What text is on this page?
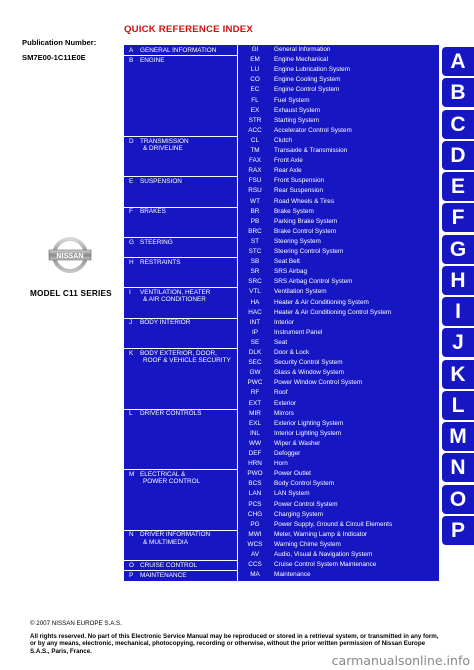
Publication Number:
SM7E00-1C11E0E
NISSAN
MODEL C11 SERIES
QUICK REFERENCE INDEX
GI	General Information
EM	Engine Mechanical
LU	Engine Lubrication System
CO	Engine Cooling System
EC	Engine Control System
FL	Fuel System
EX	Exhaust System
STR	Starting System
ACC	Accelerator Control System
CL	Clutch
TM	Transaxle & Transmission
FAX	Front Axle
RAX	Rear Axle
FSU	Front Suspension
RSU	Rear Suspension
WT	Road Wheels & Tires
BR	Brake System
PB	Parking Brake System
BRC	Brake Control System
ST	Steering System
STC	Steering Control System
SB	Seat Belt
SR	SRS Airbag
SRC	SRS Airbag Control System
VTL	Ventilation System
HA	Heater & Air Conditioning System
HAC	Heater & Air Conditioning Control System
INT	Interior
IP	Instrument Panel
SE	Seat
DLK	Door & Lock
SEC	Security Control System
GW	Glass & Window System
PWC	Power Window Control System
RF	Roof
EXT	Exterior
MIR	Mirrors
EXL	Exterior Lighting System
INL	Interior Lighting System
WW	Wiper & Washer
DEF	Defogger
HRN	Horn
PWO	Power Outlet
BCS	Body Control System
LAN	LAN System
PCS	Power Control System
CHG	Charging System
PG	Power Supply, Ground & Circuit Elements
MWI	Meter, Warning Lamp & Indicator
WCS	Warning Chime System
AV	Audio, Visual & Navigation System
CCS	Cruise Control System Maintenance
MA	Maintenance
A GENERAL INFORMATION
B ENGINE
D TRANSMISSION
& DRIVELINE
E SUSPENSION
F BRAKES
G STEERING
H RESTRAINTS
I VENTILATION, HEATER
& AIR CONDITIONER
J BODY INTERIOR
K BODY EXTERIOR, DOOR,
ROOF & VEHICLE SECURITY
L DRIVER CONTROLS
M ELECTRICAL &
POWER CONTROL
N DRIVER INFORMATION
& MULTIMEDIA
O CRUISE CONTROL
P MAINTENANCE
A
B
C
D
E
F
G
H
I
J
K
L
M
N
O
P
© 2007 NISSAN EUROPE S.A.S.
All rights reserved. No part of this Electronic Service Manual may be reproduced or stored in a retrieval system, or transmitted in any form, or by any means, electronic, mechanical, photocopying, recording or otherwise, without the prior written permission of Nissan Europe S.A.S., Paris, France.
carmanualsonline.info
